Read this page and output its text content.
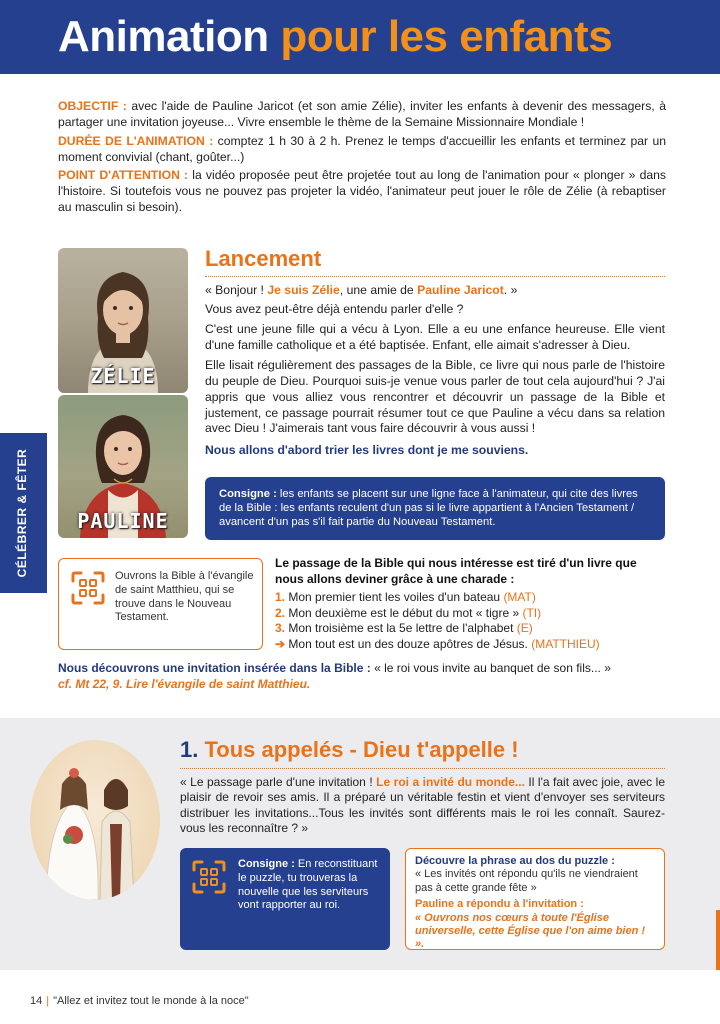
Animation pour les enfants

OBJECTIF : avec l'aide de Pauline Jaricot (et son amie Zélie), inviter les enfants à devenir des messagers, à partager une invitation joyeuse... Vivre ensemble le thème de la Semaine Missionnaire Mondiale !

DURÉE DE L'ANIMATION : comptez 1 h 30 à 2 h. Prenez le temps d'accueillir les enfants et terminez par un moment convivial (chant, goûter...)

POINT D'ATTENTION : la vidéo proposée peut être projetée tout au long de l'animation pour « plonger » dans l'histoire. Si toutefois vous ne pouvez pas projeter la vidéo, l'animateur peut jouer le rôle de Zélie (à rebaptiser au masculin si besoin).

CÉLÉBRER & FÊTER
ZÉLIE
PAULINE
Lancement

« Bonjour ! Je suis Zélie, une amie de Pauline Jaricot. »

Vous avez peut-être déjà entendu parler d'elle ?

C'est une jeune fille qui a vécu à Lyon. Elle a eu une enfance heureuse. Elle vient d'une famille catholique et a été baptisée. Enfant, elle aimait s'adresser à Dieu.

Elle lisait régulièrement des passages de la Bible, ce livre qui nous parle de l'histoire du peuple de Dieu. Pourquoi suis-je venue vous parler de tout cela aujourd'hui ? J'ai appris que vous alliez vous rencontrer et découvrir un passage de la Bible et justement, ce passage pourrait résumer tout ce que Pauline a vécu dans sa relation avec Dieu ! J'aimerais tant vous faire découvrir à vous aussi !

Nous allons d'abord trier les livres dont je me souviens.

Consigne : les enfants se placent sur une ligne face à l'animateur, qui cite des livres de la Bible : les enfants reculent d'un pas si le livre appartient à l'Ancien Testament / avancent d'un pas s'il fait partie du Nouveau Testament.
Ouvrons la Bible à l'évangile de saint Matthieu, qui se trouve dans le Nouveau Testament.
Le passage de la Bible qui nous intéresse est tiré d'un livre que nous allons deviner grâce à une charade :
1. Mon premier tient les voiles d'un bateau (MAT)
2. Mon deuxième est le début du mot « tigre » (TI)
3. Mon troisième est la 5e lettre de l'alphabet (E)
➔ Mon tout est un des douze apôtres de Jésus. (MATTHIEU)
Nous découvrons une invitation insérée dans la Bible : « le roi vous invite au banquet de son fils... »
cf. Mt 22, 9. Lire l'évangile de saint Matthieu.
1. Tous appelés - Dieu t'appelle !

« Le passage parle d'une invitation ! Le roi a invité du monde... Il l'a fait avec joie, avec le plaisir de revoir ses amis. Il a préparé un véritable festin et vient d'envoyer ses serviteurs distribuer les invitations...Tous les invités sont différents mais le roi les connaît. Saurez-vous les reconnaître ? »

Consigne : En reconstituant le puzzle, tu trouveras la nouvelle que les serviteurs vont rapporter au roi.
Découvre la phrase au dos du puzzle :
« Les invités ont répondu qu'ils ne viendraient pas à cette grande fête »
Pauline a répondu à l'invitation :
« Ouvrons nos cœurs à toute l'Église universelle, cette Église que l'on aime bien ! ».
14 | "Allez et invitez tout le monde à la noce"
